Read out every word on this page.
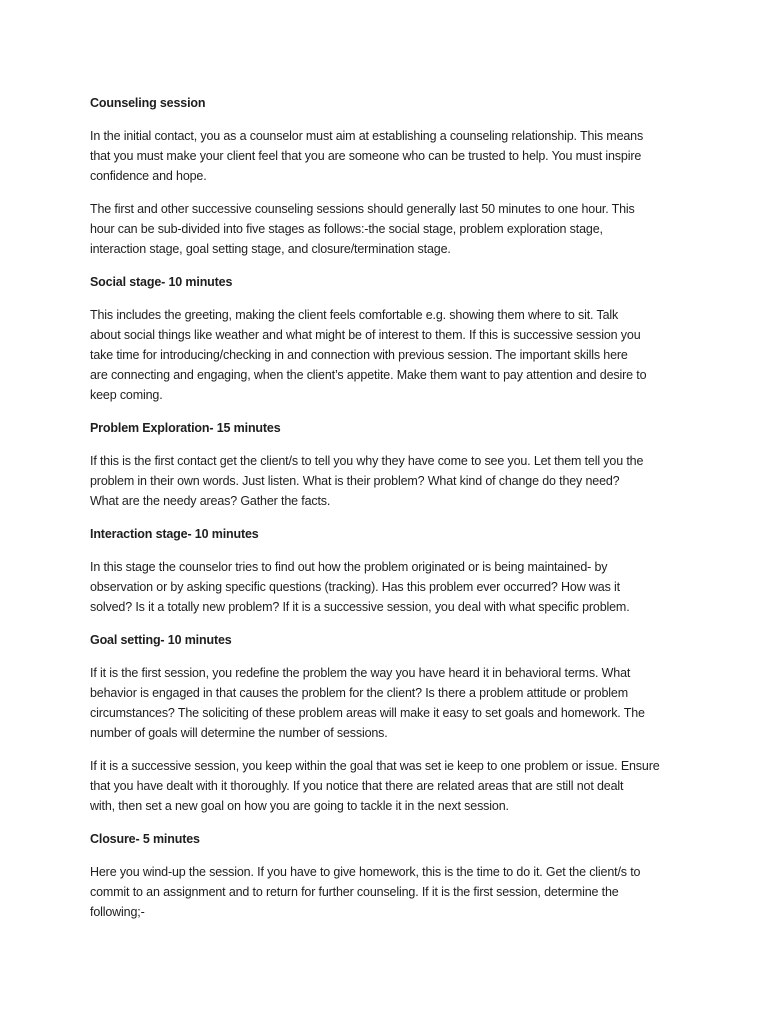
Counseling session
In the initial contact, you as a counselor must aim at establishing a counseling relationship. This means
that you must make your client feel that you are someone who can be trusted to help. You must inspire
confidence and hope.
The first and other successive counseling sessions should generally last 50 minutes to one hour. This
hour can be sub-divided into five stages as follows:-the social stage, problem exploration stage,
interaction stage, goal setting stage, and closure/termination stage.
Social stage- 10 minutes
This includes the greeting, making the client feels comfortable e.g. showing them where to sit. Talk
about social things like weather and what might be of interest to them. If this is successive session you
take time for introducing/checking in and connection with previous session. The important skills here
are connecting and engaging, when the client’s appetite. Make them want to pay attention and desire to
keep coming.
Problem Exploration- 15 minutes
If this is the first contact get the client/s to tell you why they have come to see you. Let them tell you the
problem in their own words. Just listen. What is their problem? What kind of change do they need?
What are the needy areas? Gather the facts.
Interaction stage- 10 minutes
In this stage the counselor tries to find out how the problem originated or is being maintained- by
observation or by asking specific questions (tracking). Has this problem ever occurred? How was it
solved? Is it a totally new problem? If it is a successive session, you deal with what specific problem.
Goal setting- 10 minutes
If it is the first session, you redefine the problem the way you have heard it in behavioral terms. What
behavior is engaged in that causes the problem for the client? Is there a problem attitude or problem
circumstances? The soliciting of these problem areas will make it easy to set goals and homework. The
number of goals will determine the number of sessions.
If it is a successive session, you keep within the goal that was set ie keep to one problem or issue. Ensure
that you have dealt with it thoroughly. If you notice that there are related areas that are still not dealt
with, then set a new goal on how you are going to tackle it in the next session.
Closure- 5 minutes
Here you wind-up the session. If you have to give homework, this is the time to do it. Get the client/s to
commit to an assignment and to return for further counseling. If it is the first session, determine the
following;-
